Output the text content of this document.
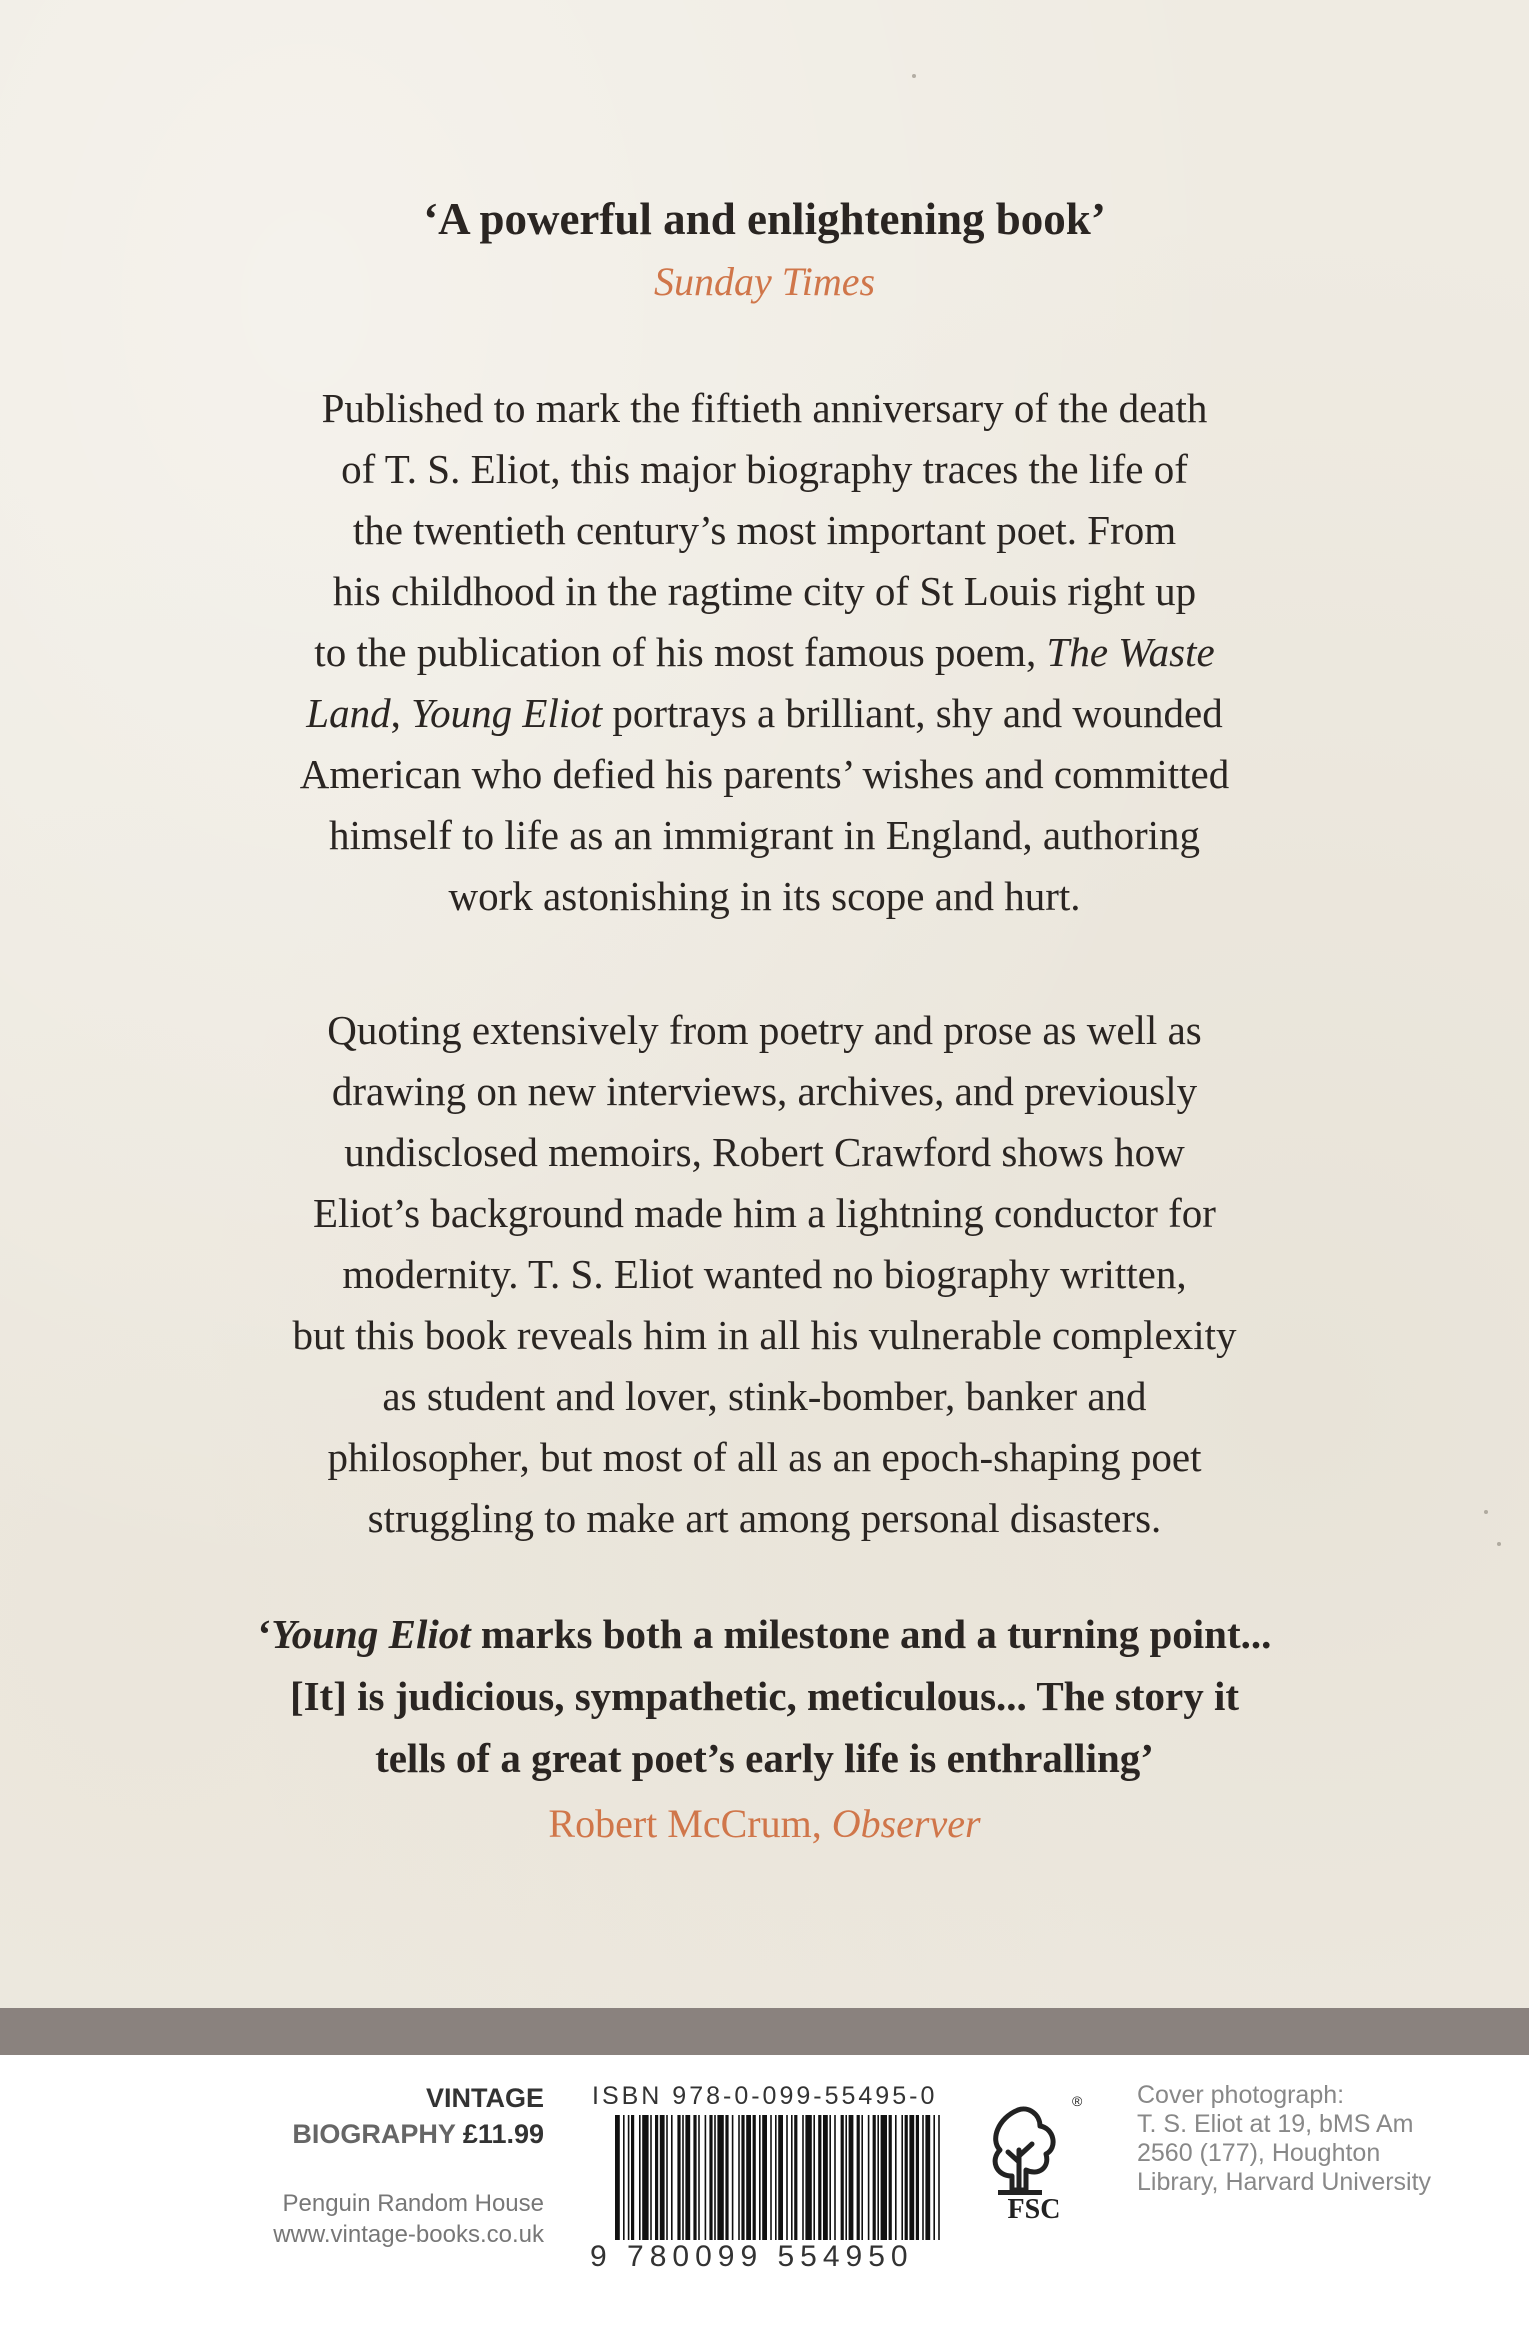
‘A powerful and enlightening book’
Sunday Times
Published to mark the fiftieth anniversary of the death
of T. S. Eliot, this major biography traces the life of
the twentieth century’s most important poet. From
his childhood in the ragtime city of St Louis right up
to the publication of his most famous poem, The Waste
Land, Young Eliot portrays a brilliant, shy and wounded
American who defied his parents’ wishes and committed
himself to life as an immigrant in England, authoring
work astonishing in its scope and hurt.
Quoting extensively from poetry and prose as well as
drawing on new interviews, archives, and previously
undisclosed memoirs, Robert Crawford shows how
Eliot’s background made him a lightning conductor for
modernity. T. S. Eliot wanted no biography written,
but this book reveals him in all his vulnerable complexity
as student and lover, stink-bomber, banker and
philosopher, but most of all as an epoch-shaping poet
struggling to make art among personal disasters.
‘Young Eliot marks both a milestone and a turning point...
[It] is judicious, sympathetic, meticulous... The story it
tells of a great poet’s early life is enthralling’
Robert McCrum, Observer
VINTAGE
BIOGRAPHY £11.99
Penguin Random House
www.vintage-books.co.uk
ISBN 978-0-099-55495-0
9 780099 554950
®
FSC
Cover photograph:
T. S. Eliot at 19, bMS Am
2560 (177), Houghton
Library, Harvard University
